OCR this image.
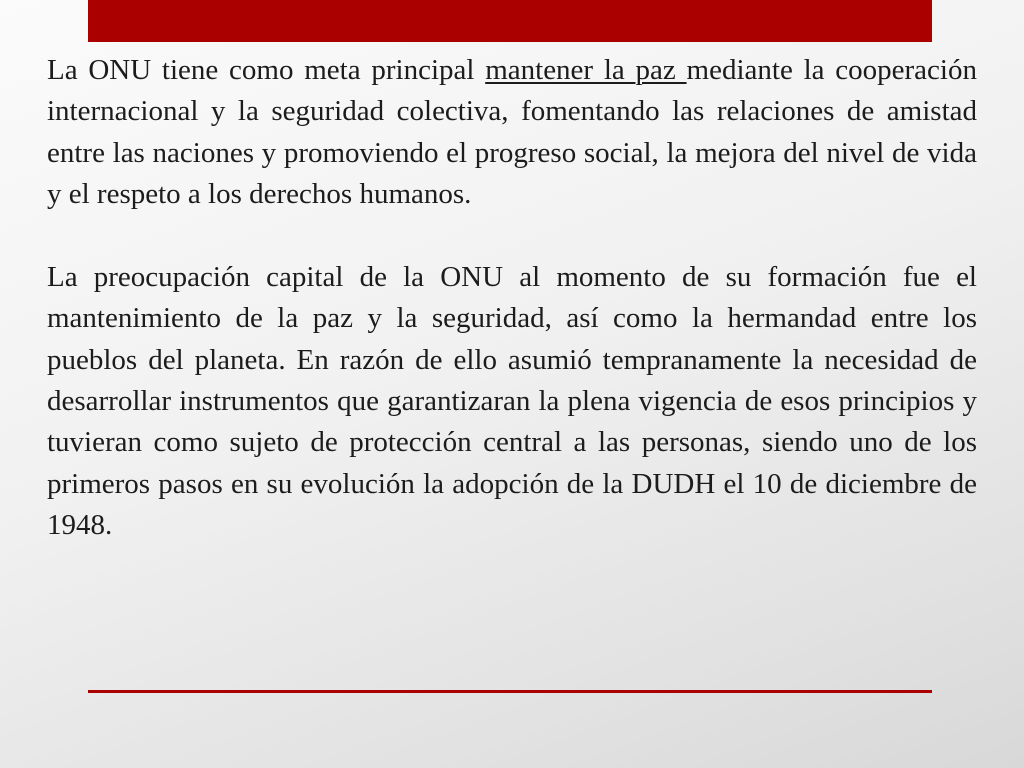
La ONU tiene como meta principal mantener la paz mediante la cooperación internacional y la seguridad colectiva, fomentando las relaciones de amistad entre las naciones y promoviendo el progreso social, la mejora del nivel de vida y el respeto a los derechos humanos.

La preocupación capital de la ONU al momento de su formación fue el mantenimiento de la paz y la seguridad, así como la hermandad entre los pueblos del planeta. En razón de ello asumió tempranamente la necesidad de desarrollar instrumentos que garantizaran la plena vigencia de esos principios y tuvieran como sujeto de protección central a las personas, siendo uno de los primeros pasos en su evolución la adopción de la DUDH el 10 de diciembre de 1948.
